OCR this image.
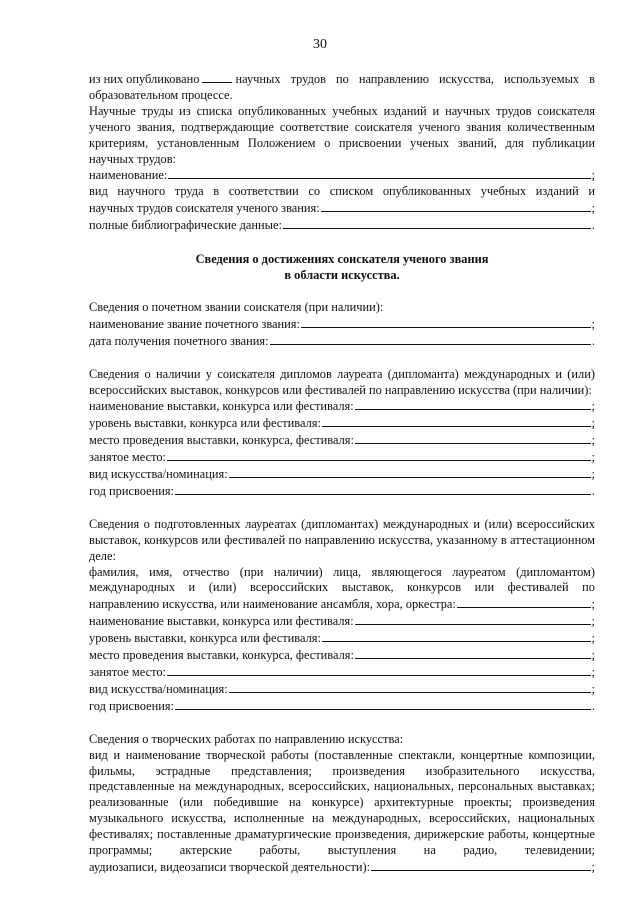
30
из них опубликовано	научных трудов по направлению искусства, используемых в

образовательном процессе.

Научные труды из списка опубликованных учебных изданий и научных трудов соискателя ученого звания, подтверждающие соответствие соискателя ученого звания количественным критериям, установленным Положением о присвоении ученых званий, для публикации научных трудов:

наименование:	;

вид научного труда в соответствии со списком опубликованных учебных изданий и

научных трудов соискателя ученого звания:	;
полные библиографические данные:	.

Сведения о достижениях соискателя ученого звания

в области искусства.

Сведения о почетном звании соискателя (при наличии):

наименование звание почетного звания:	;
дата получения почетного звания:	.

Сведения о наличии у соискателя дипломов лауреата (дипломанта) международных и (или) всероссийских выставок, конкурсов или фестивалей по направлению искусства (при наличии):

наименование выставки, конкурса или фестиваля:	;
уровень выставки, конкурса или фестиваля:	;
место проведения выставки, конкурса, фестиваля:	;
занятое место:	;
вид искусства/номинация:	;
год присвоения:	.

Сведения о подготовленных лауреатах (дипломантах) международных и (или) всероссийских выставок, конкурсов или фестивалей по направлению искусства, указанному в аттестационном деле:

фамилия, имя, отчество (при наличии) лица, являющегося лауреатом (дипломантом) международных и (или) всероссийских выставок, конкурсов или фестивалей по

направлению искусства, или наименование ансамбля, хора, оркестра:	;
наименование выставки, конкурса или фестиваля:	;
уровень выставки, конкурса или фестиваля:	;
место проведения выставки, конкурса, фестиваля:	;
занятое место:	;
вид искусства/номинация:	;
год присвоения:	.

Сведения о творческих работах по направлению искусства:

вид и наименование творческой работы (поставленные спектакли, концертные композиции, фильмы, эстрадные представления; произведения изобразительного искусства, представленные на международных, всероссийских, национальных, персональных выставках; реализованные (или победившие на конкурсе) архитектурные проекты; произведения музыкального искусства, исполненные на международных, всероссийских, национальных фестивалях; поставленные драматургические произведения, дирижерские работы, концертные программы; актерские работы, выступления на радио, телевидении;

аудиозаписи, видеозаписи творческой деятельности):	;
